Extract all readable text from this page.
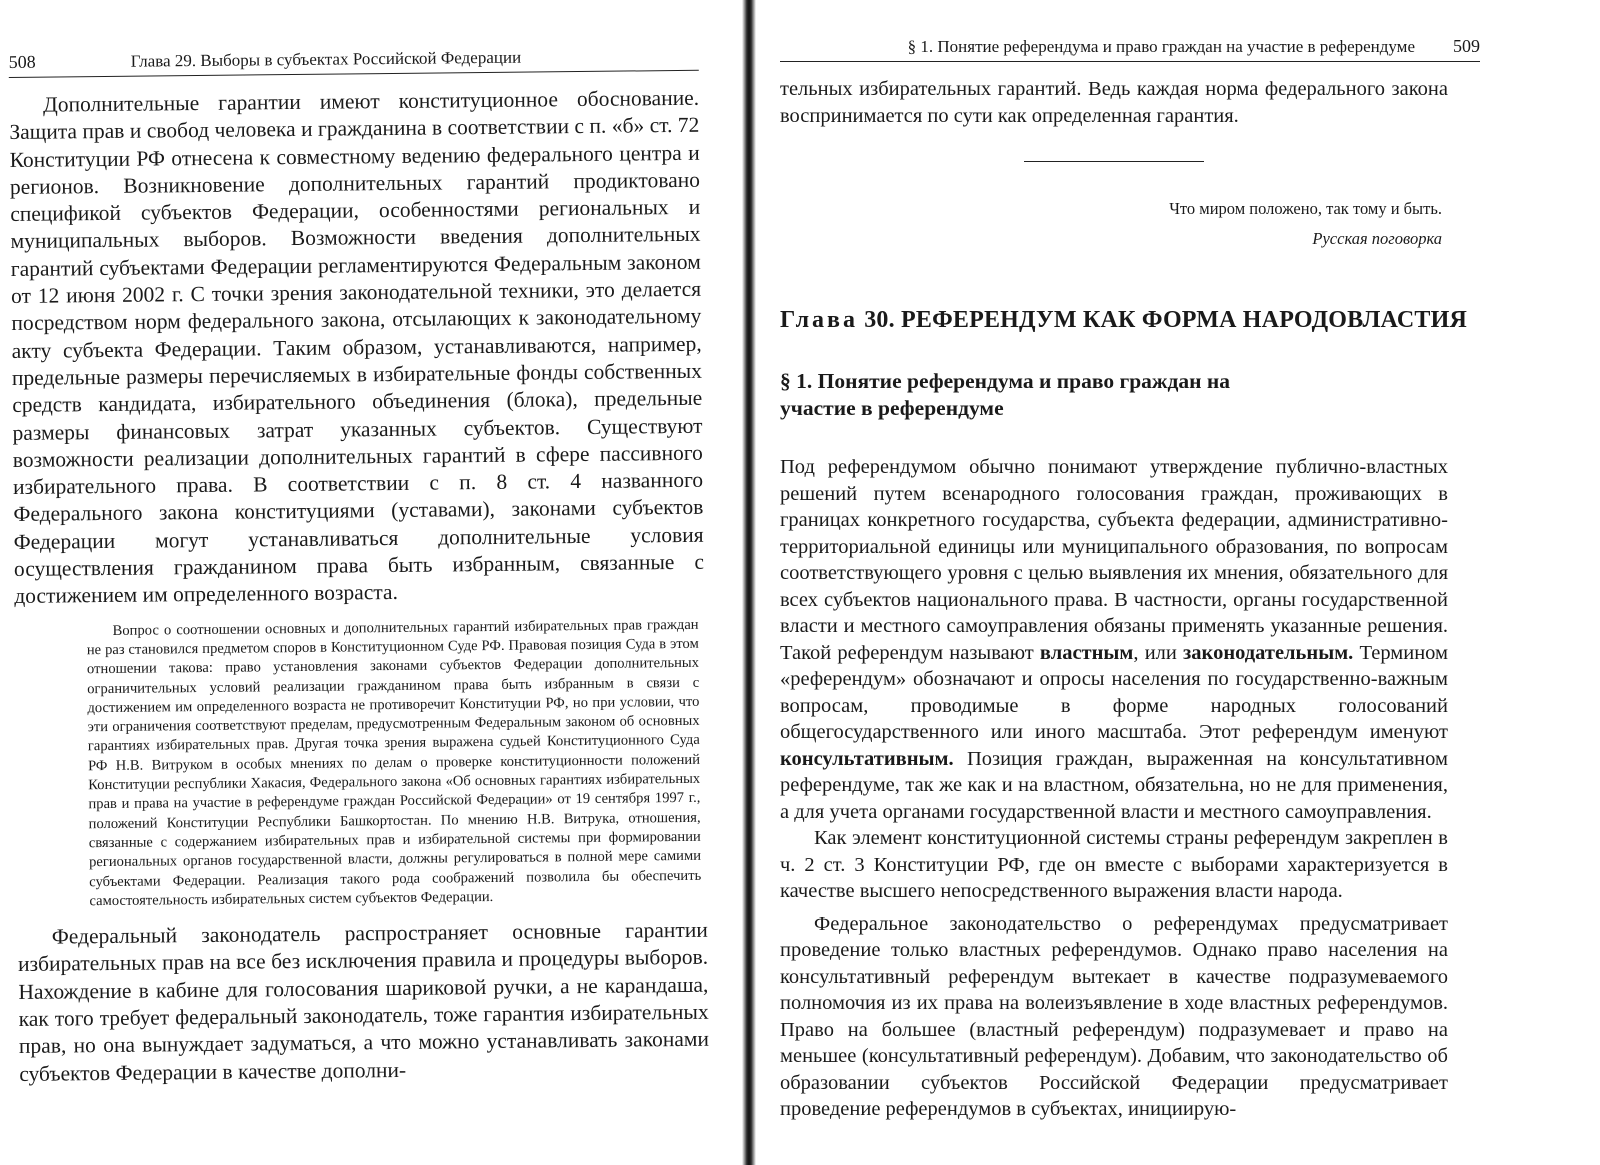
508	Глава 29. Выборы в субъектах Российской Федерации

Дополнительные гарантии имеют конституционное обоснование. Защита прав и свобод человека и гражданина в соответствии с п. «б» ст. 72 Конституции РФ отнесена к совместному ведению федерального центра и регионов. Возникновение дополнительных гарантий продиктовано спецификой субъектов Федерации, особенностями региональных и муниципальных выборов. Возможности введения дополнительных гарантий субъектами Федерации регламентируются Федеральным законом от 12 июня 2002 г. С точки зрения законодательной техники, это делается посредством норм федерального закона, отсылающих к законодательному акту субъекта Федерации. Таким образом, устанавливаются, например, предельные размеры перечисляемых в избирательные фонды собственных средств кандидата, избирательного объединения (блока), предельные размеры финансовых затрат указанных субъектов. Существуют возможности реализации дополнительных гарантий в сфере пассивного избирательного права. В соответствии с п. 8 ст. 4 названного Федерального закона конституциями (уставами), законами субъектов Федерации могут устанавливаться дополнительные условия осуществления гражданином права быть избранным, связанные с достижением им определенного возраста.

Вопрос о соотношении основных и дополнительных гарантий избирательных прав граждан не раз становился предметом споров в Конституционном Суде РФ. Правовая позиция Суда в этом отношении такова: право установления законами субъектов Федерации дополнительных ограничительных условий реализации гражданином права быть избранным в связи с достижением им определенного возраста не противоречит Конституции РФ, но при условии, что эти ограничения соответствуют пределам, предусмотренным Федеральным законом об основных гарантиях избирательных прав. Другая точка зрения выражена судьей Конституционного Суда РФ Н.В. Витруком в особых мнениях по делам о проверке конституционности положений Конституции республики Хакасия, Федерального закона «Об основных гарантиях избирательных прав и права на участие в референдуме граждан Российской Федерации» от 19 сентября 1997 г., положений Конституции Республики Башкортостан. По мнению Н.В. Витрука, отношения, связанные с содержанием избирательных прав и избирательной системы при формировании региональных органов государственной власти, должны регулироваться в полной мере самими субъектами Федерации. Реализация такого рода соображений позволила бы обеспечить самостоятельность избирательных систем субъектов Федерации.

Федеральный законодатель распространяет основные гарантии избирательных прав на все без исключения правила и процедуры выборов. Нахождение в кабине для голосования шариковой ручки, а не карандаша, как того требует федеральный законодатель, тоже гарантия избирательных прав, но она вынуждает задуматься, а что можно устанавливать законами субъектов Федерации в качестве дополни-

§ 1. Понятие референдума и право граждан на участие в референдуме	509

тельных избирательных гарантий. Ведь каждая норма федерального закона воспринимается по сути как определенная гарантия.

Что миром положено, так тому и быть.
Русская поговорка
Глава 30. РЕФЕРЕНДУМ КАК ФОРМА НАРОДОВЛАСТИЯ
§ 1. Понятие референдума и право граждан на участие в референдуме

Под референдумом обычно понимают утверждение публично-властных решений путем всенародного голосования граждан, проживающих в границах конкретного государства, субъекта федерации, административно-территориальной единицы или муниципального образования, по вопросам соответствующего уровня с целью выявления их мнения, обязательного для всех субъектов национального права. В частности, органы государственной власти и местного самоуправления обязаны применять указанные решения. Такой референдум называют властным, или законодательным. Термином «референдум» обозначают и опросы населения по государственно-важным вопросам, проводимые в форме народных голосований общегосударственного или иного масштаба. Этот референдум именуют консультативным. Позиция граждан, выраженная на консультативном референдуме, так же как и на властном, обязательна, но не для применения, а для учета органами государственной власти и местного самоуправления.

Как элемент конституционной системы страны референдум закреплен в ч. 2 ст. 3 Конституции РФ, где он вместе с выборами характеризуется в качестве высшего непосредственного выражения власти народа.

Федеральное законодательство о референдумах предусматривает проведение только властных референдумов. Однако право населения на консультативный референдум вытекает в качестве подразумеваемого полномочия из их права на волеизъявление в ходе властных референдумов. Право на большее (властный референдум) подразумевает и право на меньшее (консультативный референдум). Добавим, что законодательство об образовании субъектов Российской Федерации предусматривает проведение референдумов в субъектах, инициирую-
